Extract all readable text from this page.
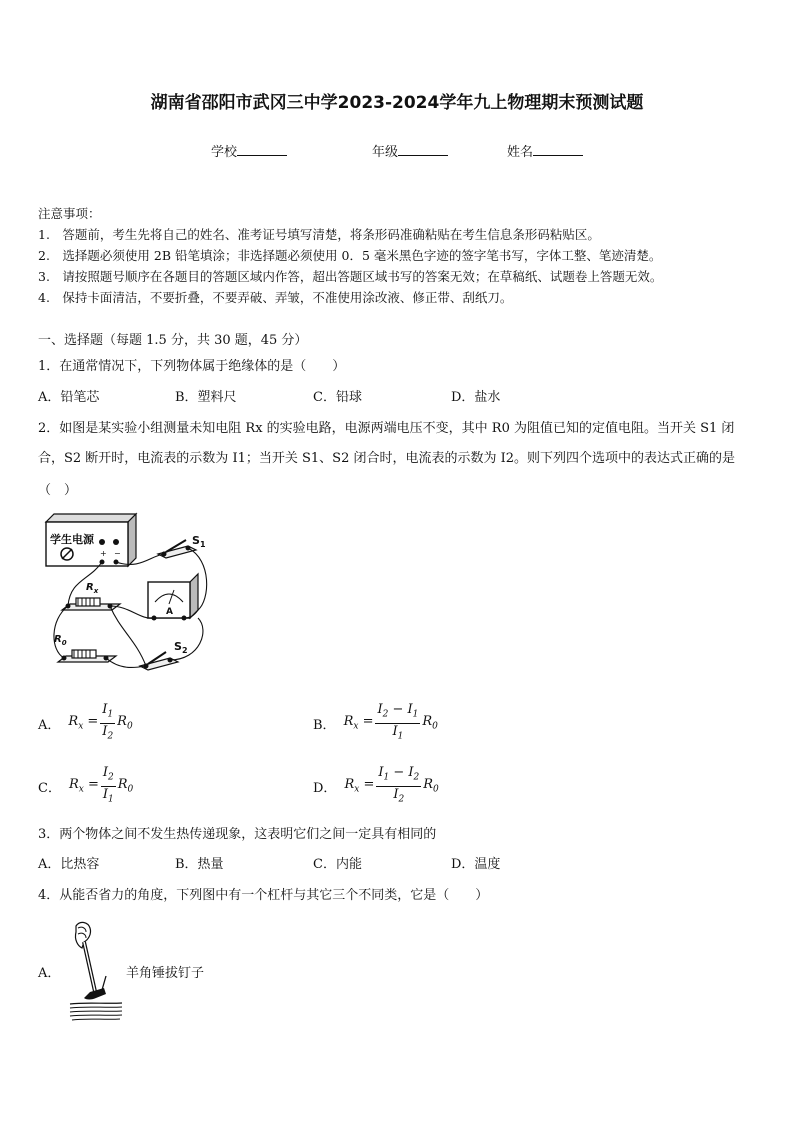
湖南省邵阳市武冈三中学2023-2024学年九上物理期末预测试题
学校	年级	姓名
注意事项：
1.　答题前，考生先将自己的姓名、准考证号填写清楚，将条形码准确粘贴在考生信息条形码粘贴区。
2.　选择题必须使用 2B 铅笔填涂；非选择题必须使用 0．5 毫米黑色字迹的签字笔书写，字体工整、笔迹清楚。
3.　请按照题号顺序在各题目的答题区域内作答，超出答题区域书写的答案无效；在草稿纸、试题卷上答题无效。
4.　保持卡面清洁，不要折叠，不要弄破、弄皱，不准使用涂改液、修正带、刮纸刀。
一、选择题（每题 1.5 分，共 30 题，45 分）
1．在通常情况下，下列物体属于绝缘体的是（　　）
A．铅笔芯	B．塑料尺	C．铅球	D．盐水
2．如图是某实验小组测量未知电阻 Rx 的实验电路，电源两端电压不变，其中 R0 为阻值已知的定值电阻。当开关 S1 闭
合，S2 断开时，电流表的示数为 I1；当开关 S1、S2 闭合时，电流表的示数为 I2。则下列四个选项中的表达式正确的是
（　）
学生电源
+ −
$S_1$
A
$R_x$
$R_0$	$S_2$
A． $R_x = \frac{I_1}{I_2} R_0$	B． $R_x = \frac{I_2 - I_1}{I_1} R_0$
C． $R_x = \frac{I_2}{I_1} R_0$	D． $R_x = \frac{I_1 - I_2}{I_2} R_0$
3．两个物体之间不发生热传递现象，这表明它们之间一定具有相同的
A．比热容	B．热量	C．内能	D．温度
4．从能否省力的角度，下列图中有一个杠杆与其它三个不同类，它是（　　）
A．	羊角锤拔钉子
